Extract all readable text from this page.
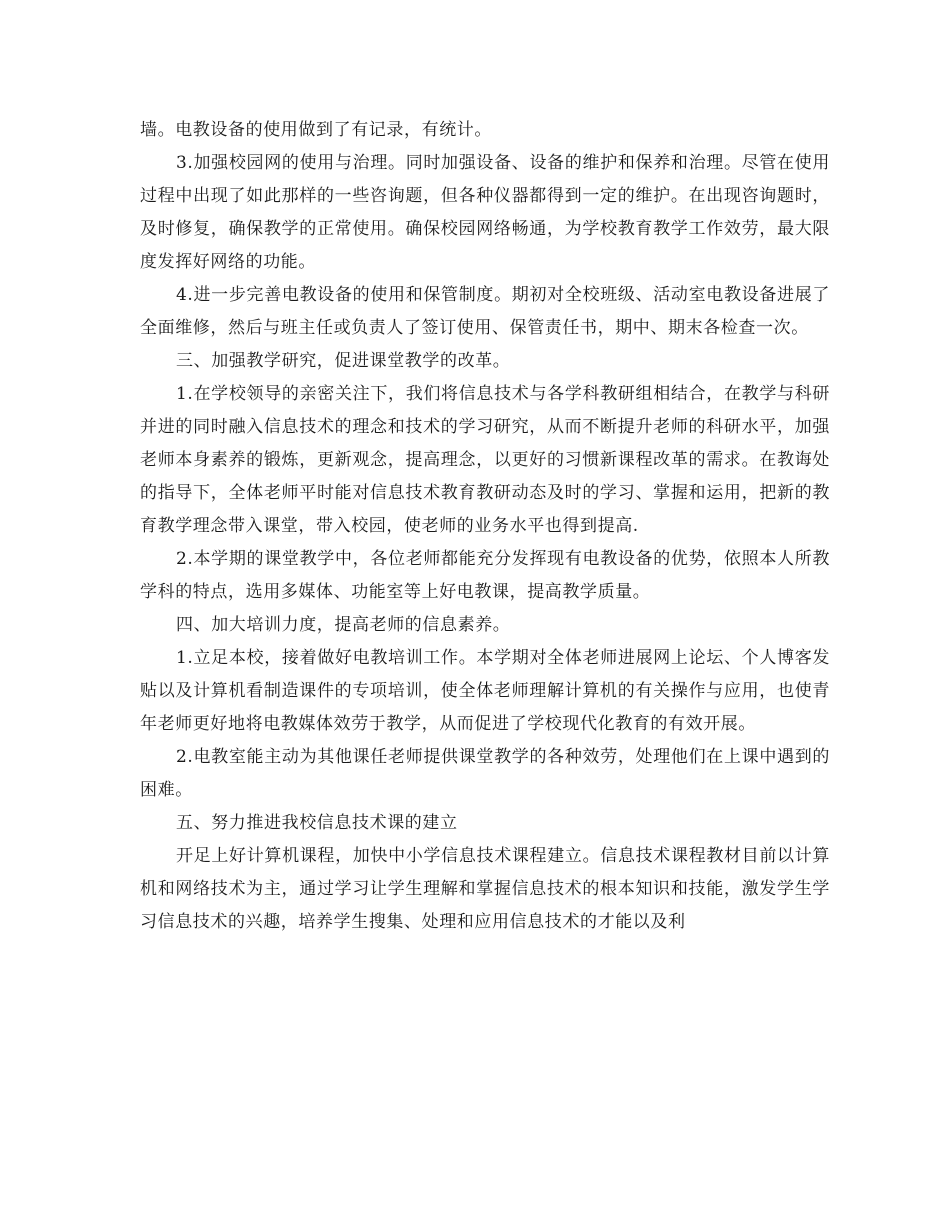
墙。电教设备的使用做到了有记录，有统计。

3.加强校园网的使用与治理。同时加强设备、设备的维护和保养和治理。尽管在使用过程中出现了如此那样的一些咨询题，但各种仪器都得到一定的维护。在出现咨询题时，及时修复，确保教学的正常使用。确保校园网络畅通，为学校教育教学工作效劳，最大限度发挥好网络的功能。

4.进一步完善电教设备的使用和保管制度。期初对全校班级、活动室电教设备进展了全面维修，然后与班主任或负责人了签订使用、保管责任书，期中、期末各检查一次。

三、加强教学研究，促进课堂教学的改革。

1.在学校领导的亲密关注下，我们将信息技术与各学科教研组相结合，在教学与科研并进的同时融入信息技术的理念和技术的学习研究，从而不断提升老师的科研水平，加强老师本身素养的锻炼，更新观念，提高理念，以更好的习惯新课程改革的需求。在教诲处的指导下，全体老师平时能对信息技术教育教研动态及时的学习、掌握和运用，把新的教育教学理念带入课堂，带入校园，使老师的业务水平也得到提高.

2.本学期的课堂教学中，各位老师都能充分发挥现有电教设备的优势，依照本人所教学科的特点，选用多媒体、功能室等上好电教课，提高教学质量。

四、加大培训力度，提高老师的信息素养。

1.立足本校，接着做好电教培训工作。本学期对全体老师进展网上论坛、个人博客发贴以及计算机看制造课件的专项培训，使全体老师理解计算机的有关操作与应用，也使青年老师更好地将电教媒体效劳于教学，从而促进了学校现代化教育的有效开展。

2.电教室能主动为其他课任老师提供课堂教学的各种效劳，处理他们在上课中遇到的困难。

五、努力推进我校信息技术课的建立

开足上好计算机课程，加快中小学信息技术课程建立。信息技术课程教材目前以计算机和网络技术为主，通过学习让学生理解和掌握信息技术的根本知识和技能，激发学生学习信息技术的兴趣，培养学生搜集、处理和应用信息技术的才能以及利
